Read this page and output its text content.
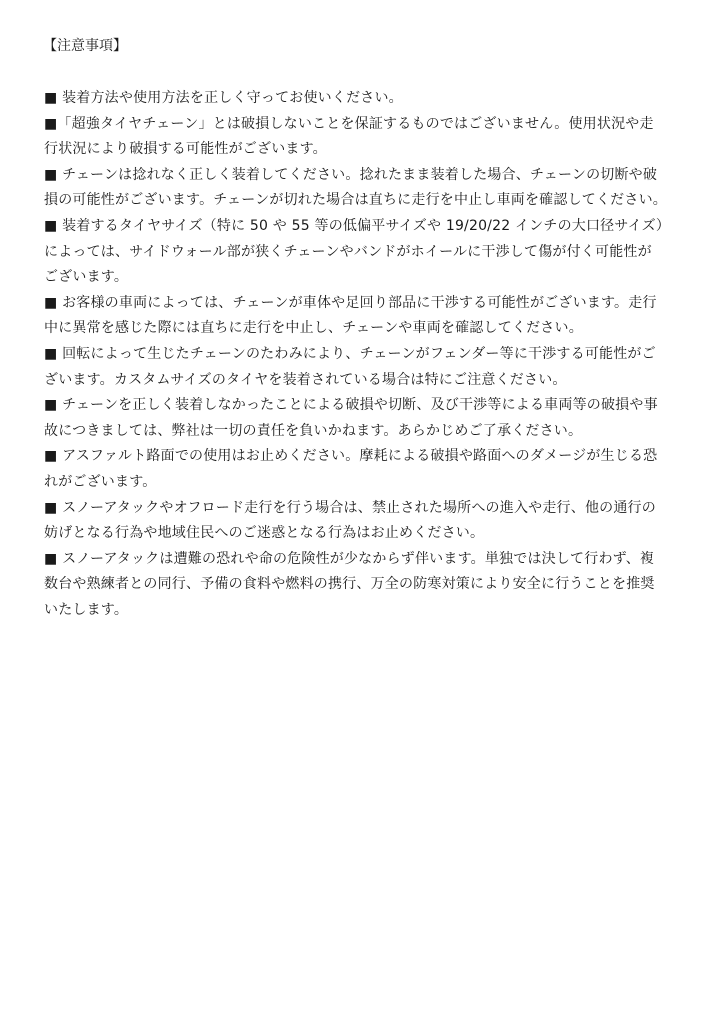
【注意事項】
■ 装着方法や使用方法を正しく守ってお使いください。
■「超強タイヤチェーン」とは破損しないことを保証するものではございません。使用状況や走
行状況により破損する可能性がございます。
■ チェーンは捻れなく正しく装着してください。捻れたまま装着した場合、チェーンの切断や破
損の可能性がございます。チェーンが切れた場合は直ちに走行を中止し車両を確認してください。
■ 装着するタイヤサイズ（特に 50 や 55 等の低偏平サイズや 19/20/22 インチの大口径サイズ）
によっては、サイドウォール部が狭くチェーンやバンドがホイールに干渉して傷が付く可能性が
ございます。
■ お客様の車両によっては、チェーンが車体や足回り部品に干渉する可能性がございます。走行
中に異常を感じた際には直ちに走行を中止し、チェーンや車両を確認してください。
■ 回転によって生じたチェーンのたわみにより、チェーンがフェンダー等に干渉する可能性がご
ざいます。カスタムサイズのタイヤを装着されている場合は特にご注意ください。
■ チェーンを正しく装着しなかったことによる破損や切断、及び干渉等による車両等の破損や事
故につきましては、弊社は一切の責任を負いかねます。あらかじめご了承ください。
■ アスファルト路面での使用はお止めください。摩耗による破損や路面へのダメージが生じる恐
れがございます。
■ スノーアタックやオフロード走行を行う場合は、禁止された場所への進入や走行、他の通行の
妨げとなる行為や地域住民へのご迷惑となる行為はお止めください。
■ スノーアタックは遭難の恐れや命の危険性が少なからず伴います。単独では決して行わず、複
数台や熟練者との同行、予備の食料や燃料の携行、万全の防寒対策により安全に行うことを推奨
いたします。
